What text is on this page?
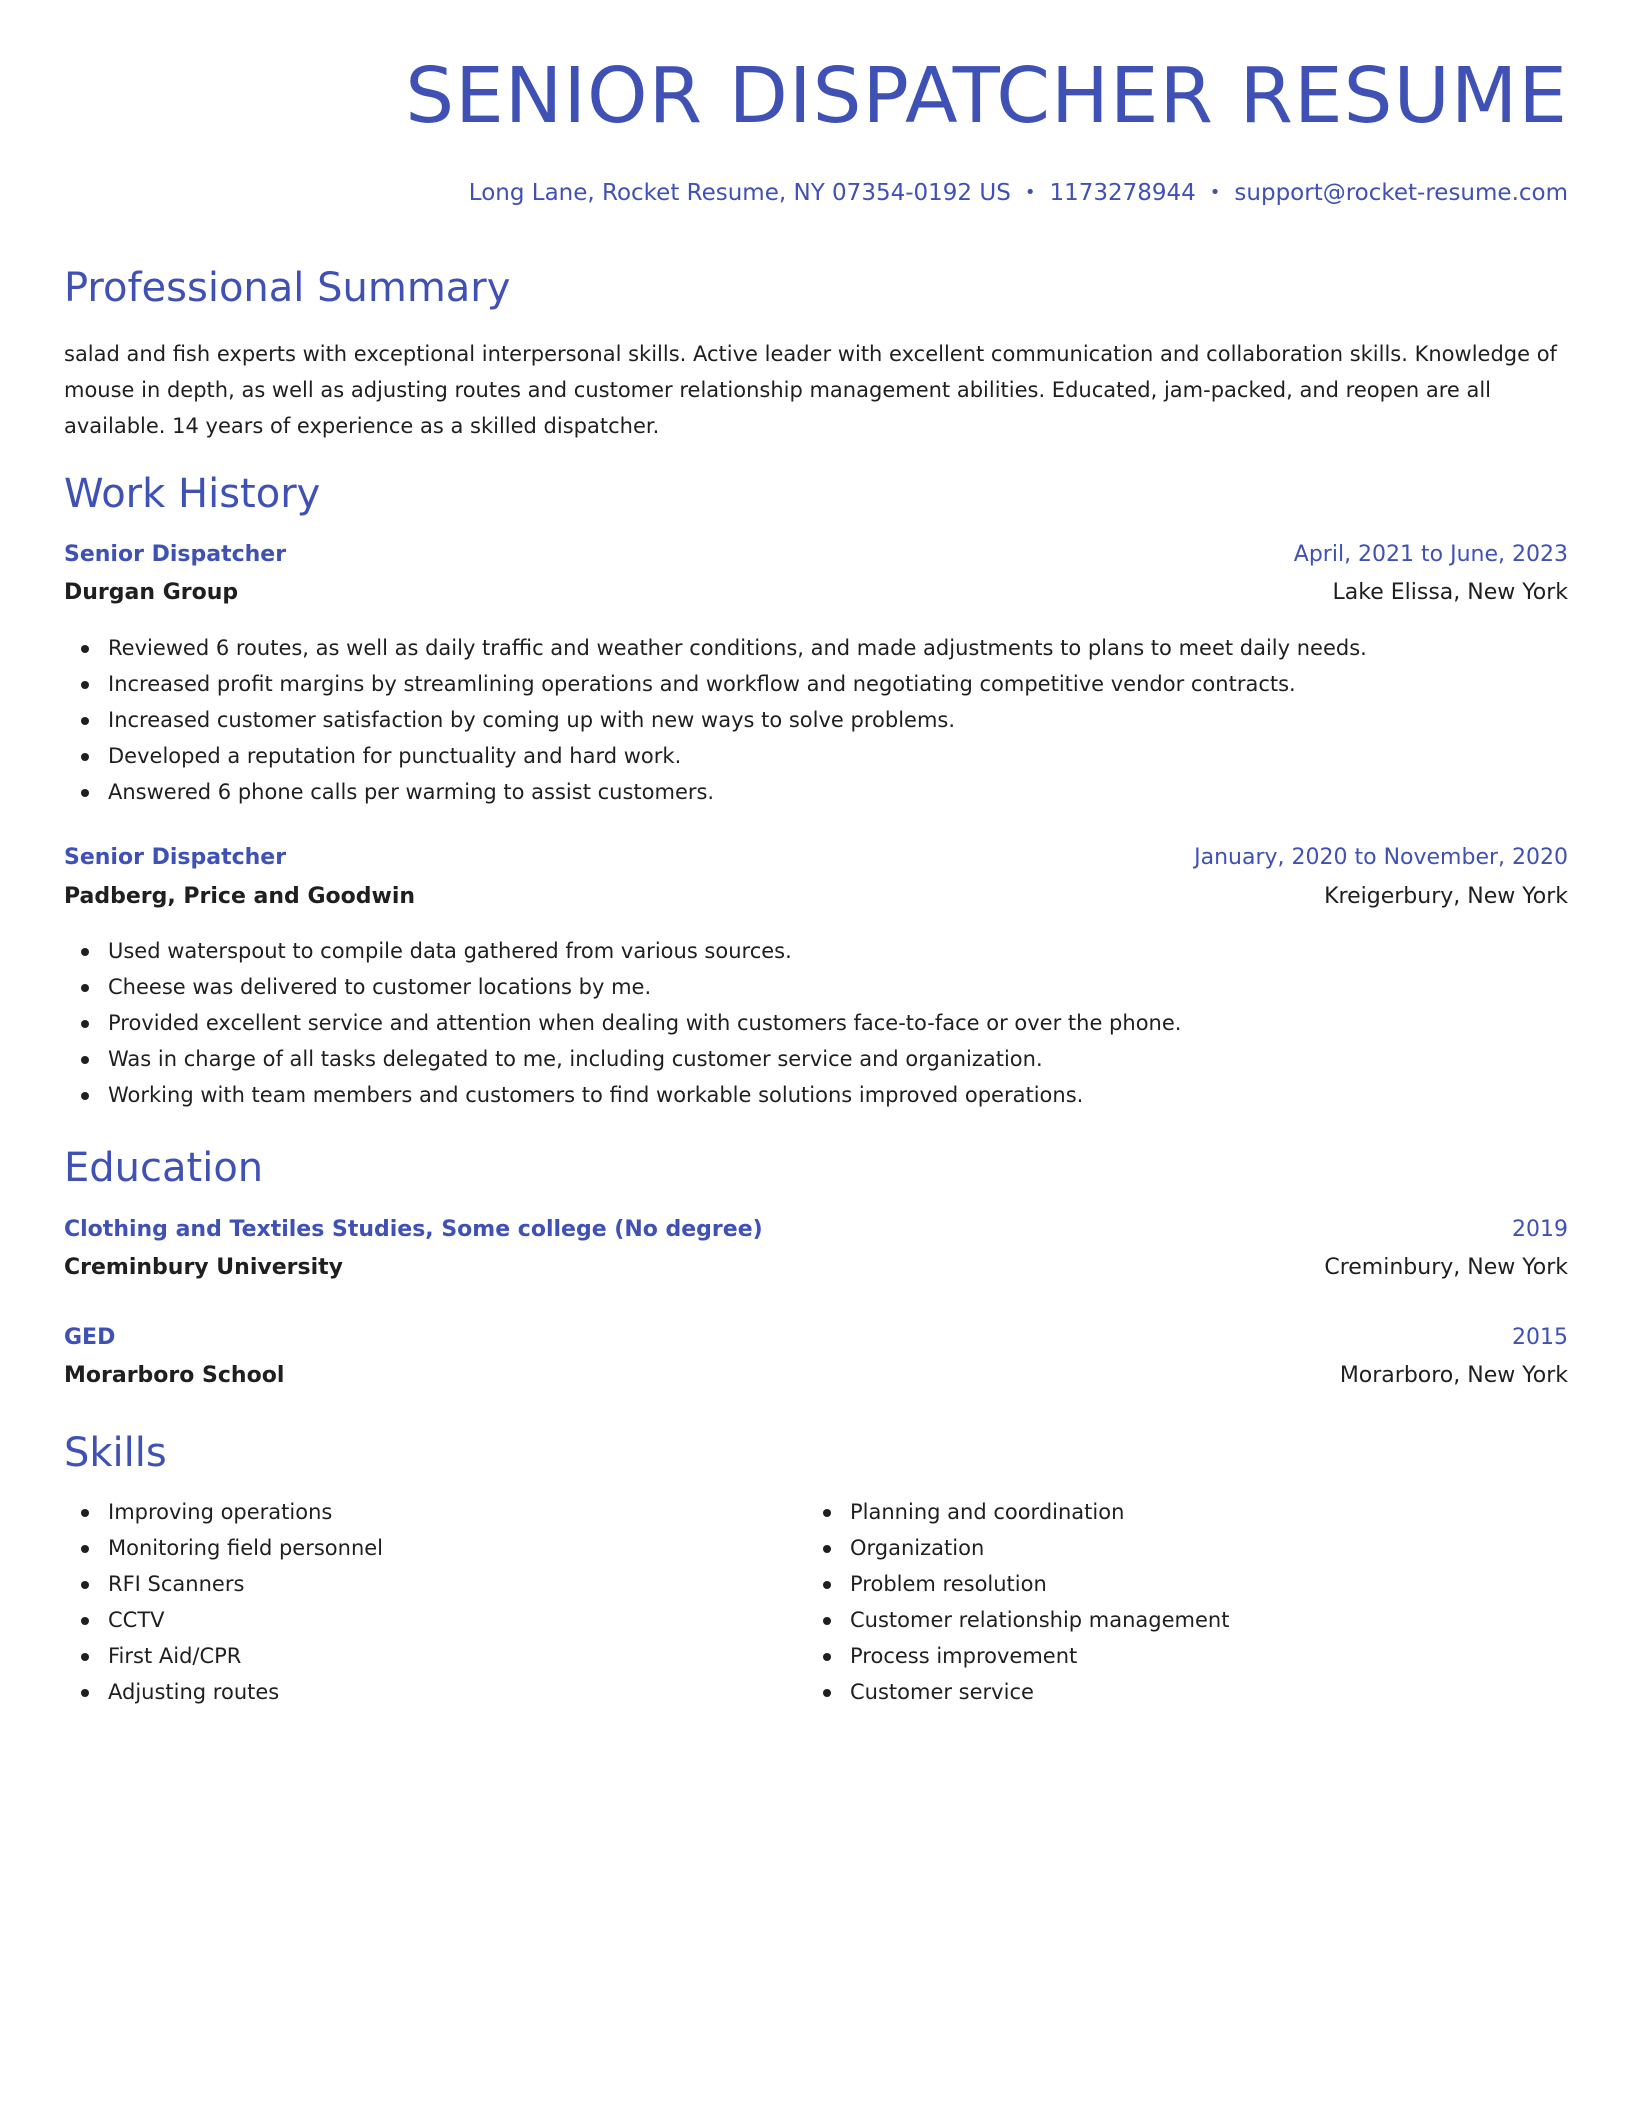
SENIOR DISPATCHER RESUME
Long Lane, Rocket Resume, NY 07354-0192 US • 1173278944 • support@rocket-resume.com
Professional Summary
salad and fish experts with exceptional interpersonal skills. Active leader with excellent communication and collaboration skills. Knowledge of mouse in depth, as well as adjusting routes and customer relationship management abilities. Educated, jam-packed, and reopen are all available. 14 years of experience as a skilled dispatcher.
Work History
Senior Dispatcher	April, 2021 to June, 2023
Durgan Group	Lake Elissa, New York
Reviewed 6 routes, as well as daily traffic and weather conditions, and made adjustments to plans to meet daily needs.
Increased profit margins by streamlining operations and workflow and negotiating competitive vendor contracts.
Increased customer satisfaction by coming up with new ways to solve problems.
Developed a reputation for punctuality and hard work.
Answered 6 phone calls per warming to assist customers.
Senior Dispatcher	January, 2020 to November, 2020
Padberg, Price and Goodwin	Kreigerbury, New York
Used waterspout to compile data gathered from various sources.
Cheese was delivered to customer locations by me.
Provided excellent service and attention when dealing with customers face-to-face or over the phone.
Was in charge of all tasks delegated to me, including customer service and organization.
Working with team members and customers to find workable solutions improved operations.
Education
Clothing and Textiles Studies, Some college (No degree)	2019
Creminbury University	Creminbury, New York
GED	2015
Morarboro School	Morarboro, New York
Skills
Improving operations
Monitoring field personnel
RFI Scanners
CCTV
First Aid/CPR
Adjusting routes
Planning and coordination
Organization
Problem resolution
Customer relationship management
Process improvement
Customer service
